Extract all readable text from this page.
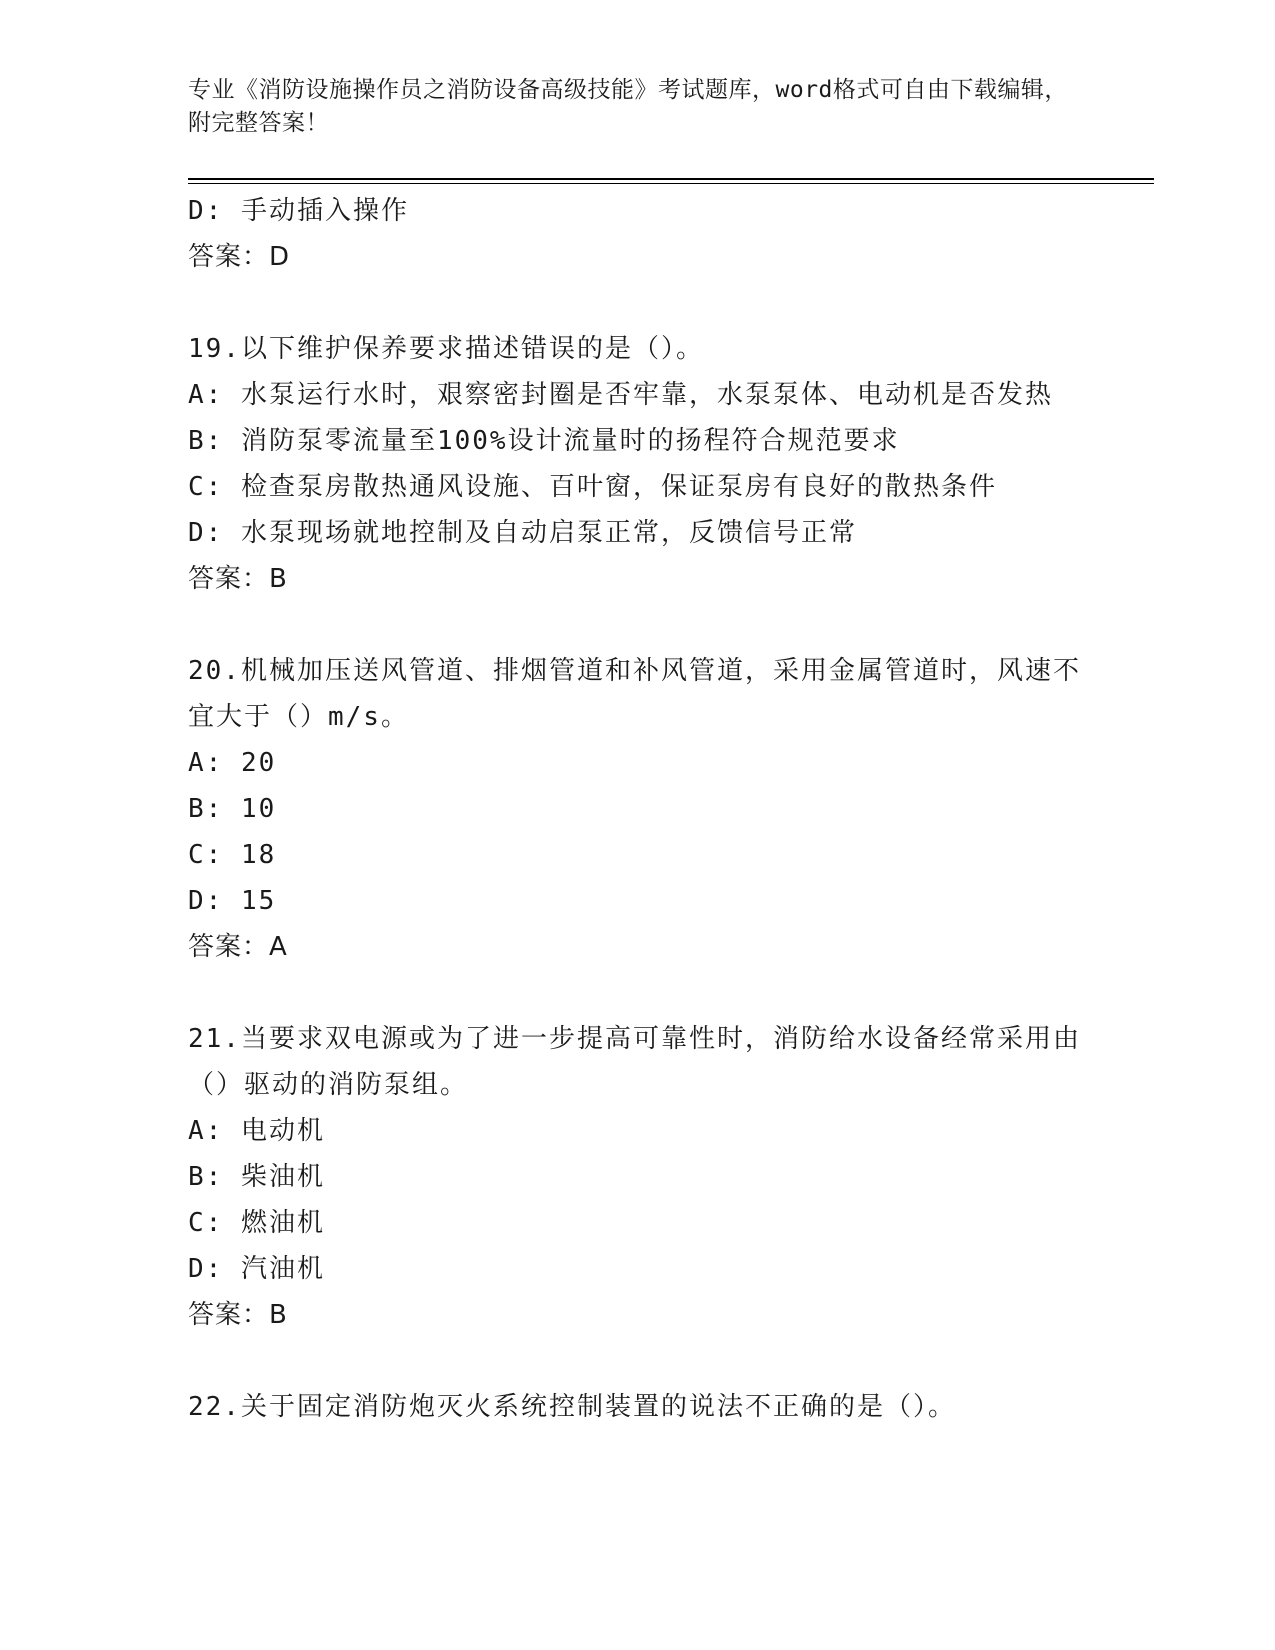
专业《消防设施操作员之消防设备高级技能》考试题库，word格式可自由下载编辑，附完整答案！
D: 手动插入操作
答案：D
19.以下维护保养要求描述错误的是（）。
A: 水泵运行水时，艰察密封圈是否牢靠，水泵泵体、电动机是否发热
B: 消防泵零流量至100%设计流量时的扬程符合规范要求
C: 检查泵房散热通风设施、百叶窗，保证泵房有良好的散热条件
D: 水泵现场就地控制及自动启泵正常，反馈信号正常
答案：B
20.机械加压送风管道、排烟管道和补风管道，采用金属管道时，风速不宜大于（）m/s。
A: 20
B: 10
C: 18
D: 15
答案：A
21.当要求双电源或为了进一步提高可靠性时，消防给水设备经常采用由（）驱动的消防泵组。
A: 电动机
B: 柴油机
C: 燃油机
D: 汽油机
答案：B
22.关于固定消防炮灭火系统控制装置的说法不正确的是（）。
